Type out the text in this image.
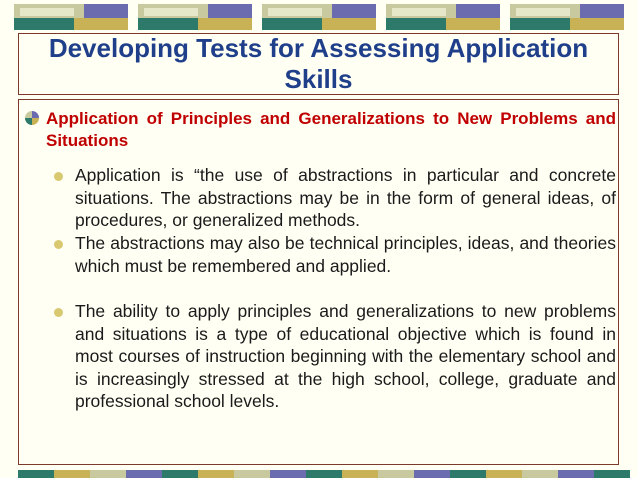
Developing Tests for Assessing Application Skills

Application of Principles and Generalizations to New Problems and Situations

Application is “the use of abstractions in particular and concrete situations. The abstractions may be in the form of general ideas, of procedures, or generalized methods.

The abstractions may also be technical principles, ideas, and theories which must be remembered and applied.

The ability to apply principles and generalizations to new problems and situations is a type of educational objective which is found in most courses of instruction beginning with the elementary school and is increasingly stressed at the high school, college, graduate and professional school levels.
